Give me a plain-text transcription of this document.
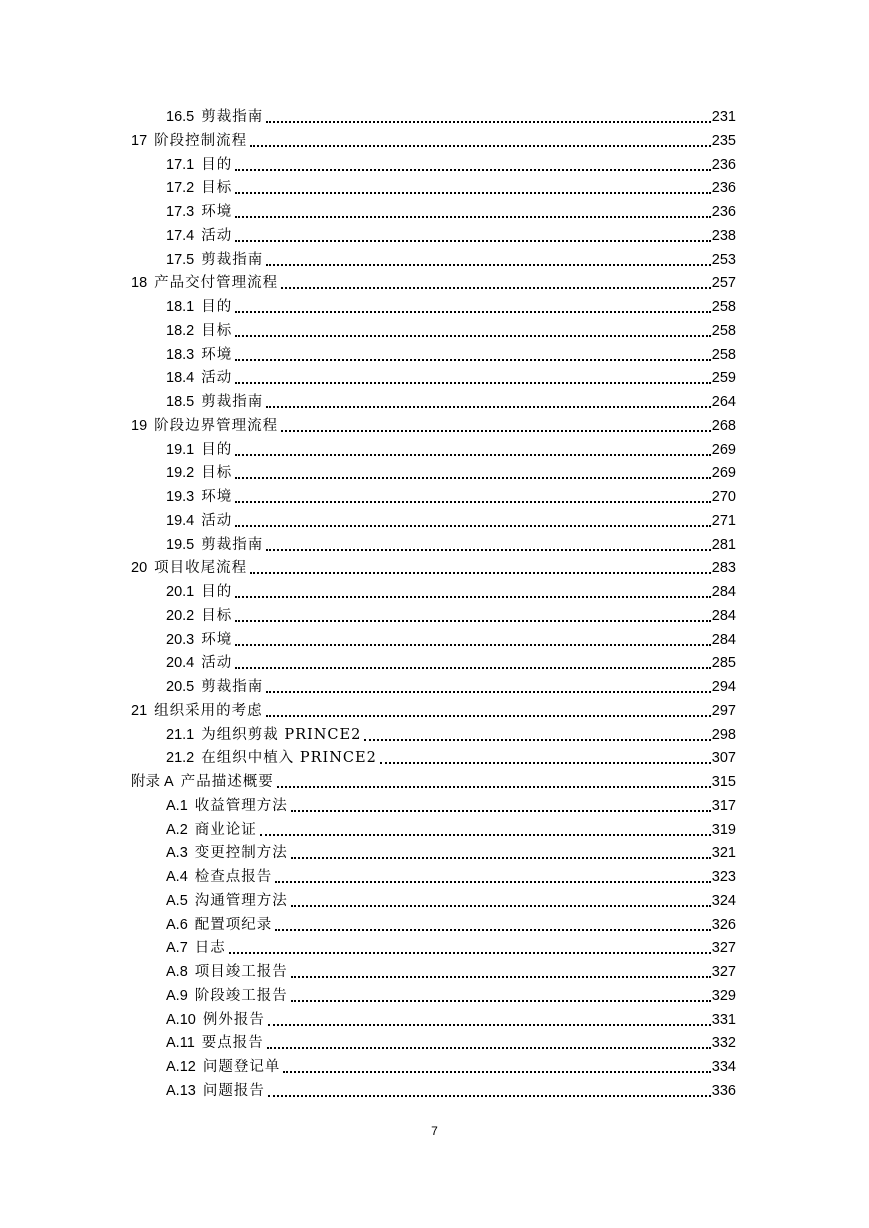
16.5 剪裁指南	231
17 阶段控制流程	235
17.1 目的	236
17.2 目标	236
17.3 环境	236
17.4 活动	238
17.5 剪裁指南	253
18 产品交付管理流程	257
18.1 目的	258
18.2 目标	258
18.3 环境	258
18.4 活动	259
18.5 剪裁指南	264
19 阶段边界管理流程	268
19.1 目的	269
19.2 目标	269
19.3 环境	270
19.4 活动	271
19.5 剪裁指南	281
20 项目收尾流程	283
20.1 目的	284
20.2 目标	284
20.3 环境	284
20.4 活动	285
20.5 剪裁指南	294
21 组织采用的考虑	297
21.1 为组织剪裁 PRINCE2	298
21.2 在组织中植入 PRINCE2	307
附录 A 产品描述概要	315
A.1 收益管理方法	317
A.2 商业论证	319
A.3 变更控制方法	321
A.4 检查点报告	323
A.5 沟通管理方法	324
A.6 配置项纪录	326
A.7 日志	327
A.8 项目竣工报告	327
A.9 阶段竣工报告	329
A.10 例外报告	331
A.11 要点报告	332
A.12 问题登记单	334
A.13 问题报告	336
7
